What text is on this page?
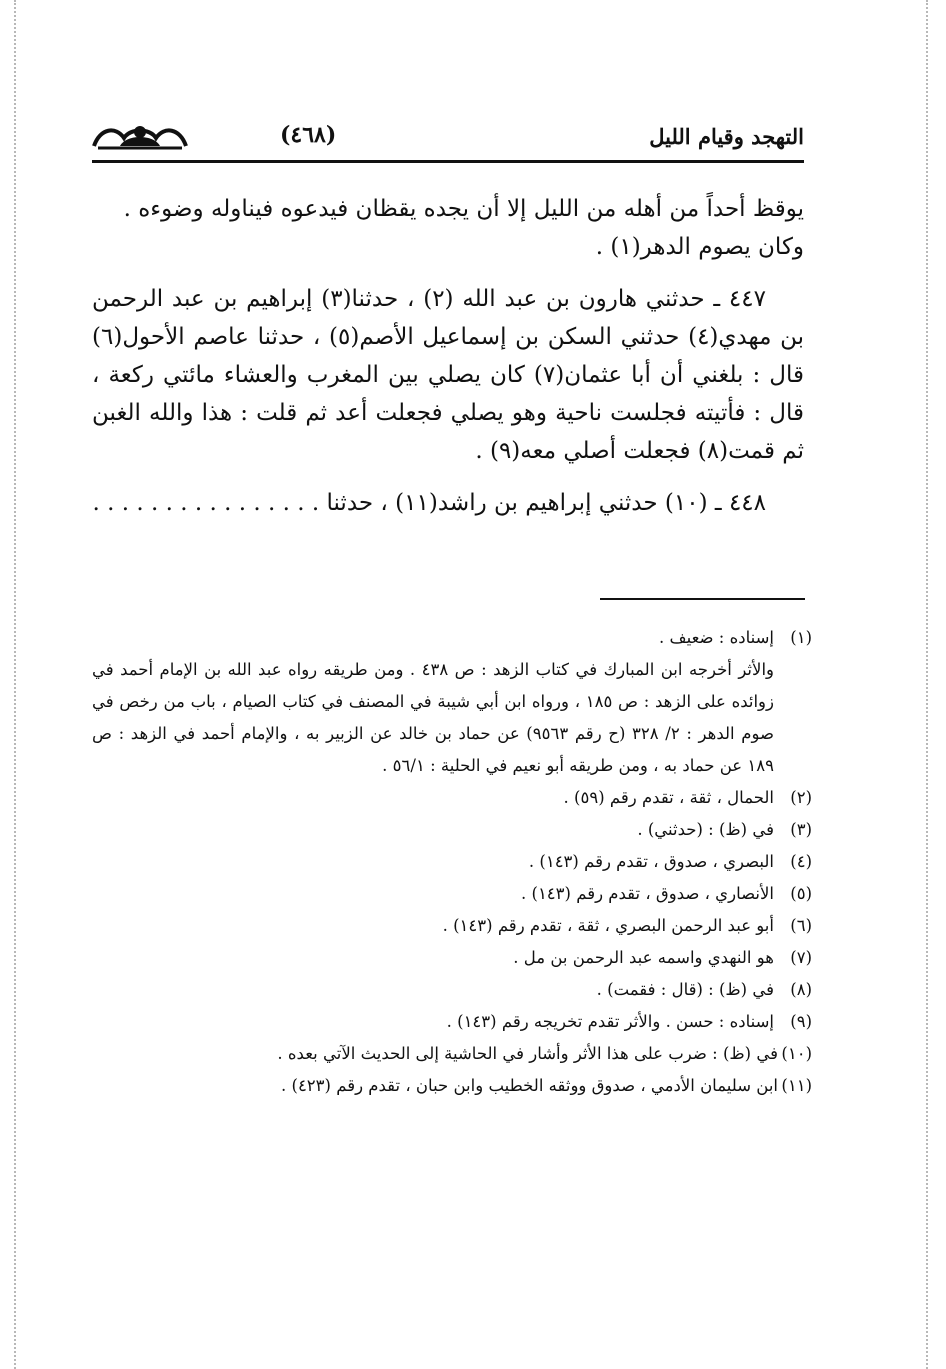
التهجد وقيام الليل
(٤٦٨)

يوقظ أحداً من أهله من الليل إلا أن يجده يقظان فيدعوه فيناوله وضوءه .

وكان يصوم الدهر(١) .

٤٤٧ ـ حدثني هارون بن عبد الله (٢) ، حدثنا(٣) إبراهيم بن عبد الرحمن بن مهدي(٤) حدثني السكن بن إسماعيل الأصم(٥) ، حدثنا عاصم الأحول(٦) قال : بلغني أن أبا عثمان(٧) كان يصلي بين المغرب والعشاء مائتي ركعة ، قال : فأتيته فجلست ناحية وهو يصلي فجعلت أعد ثم قلت : هذا والله الغبن ثم قمت(٨) فجعلت أصلي معه(٩) .

٤٤٨ ـ (١٠) حدثني إبراهيم بن راشد(١١) ، حدثنا . . . . . . . . . . . . . . . .

(١)
إسناده : ضعيف .

والأثر أخرجه ابن المبارك في كتاب الزهد : ص ٤٣٨ . ومن طريقه رواه عبد الله بن الإمام أحمد في زوائده على الزهد : ص ١٨٥ ، ورواه ابن أبي شيبة في المصنف في كتاب الصيام ، باب من رخص في صوم الدهر : ٢/ ٣٢٨ (ح رقم ٩٥٦٣) عن حماد بن خالد عن الزبير به ، والإمام أحمد في الزهد : ص ١٨٩ عن حماد به ، ومن طريقه أبو نعيم في الحلية : ٥٦/١ .

(٢)
الحمال ، ثقة ، تقدم رقم (٥٩) .

(٣)
في (ظ) : (حدثني) .

(٤)
البصري ، صدوق ، تقدم رقم (١٤٣) .

(٥)
الأنصاري ، صدوق ، تقدم رقم (١٤٣) .

(٦)
أبو عبد الرحمن البصري ، ثقة ، تقدم رقم (١٤٣) .

(٧)
هو النهدي واسمه عبد الرحمن بن مل .

(٨)
في (ظ) : (قال : فقمت) .

(٩)
إسناده : حسن . والأثر تقدم تخريجه رقم (١٤٣) .

(١٠)
في (ظ) : ضرب على هذا الأثر وأشار في الحاشية إلى الحديث الآتي بعده .

(١١)
ابن سليمان الأدمي ، صدوق ووثقه الخطيب وابن حبان ، تقدم رقم (٤٢٣) .
